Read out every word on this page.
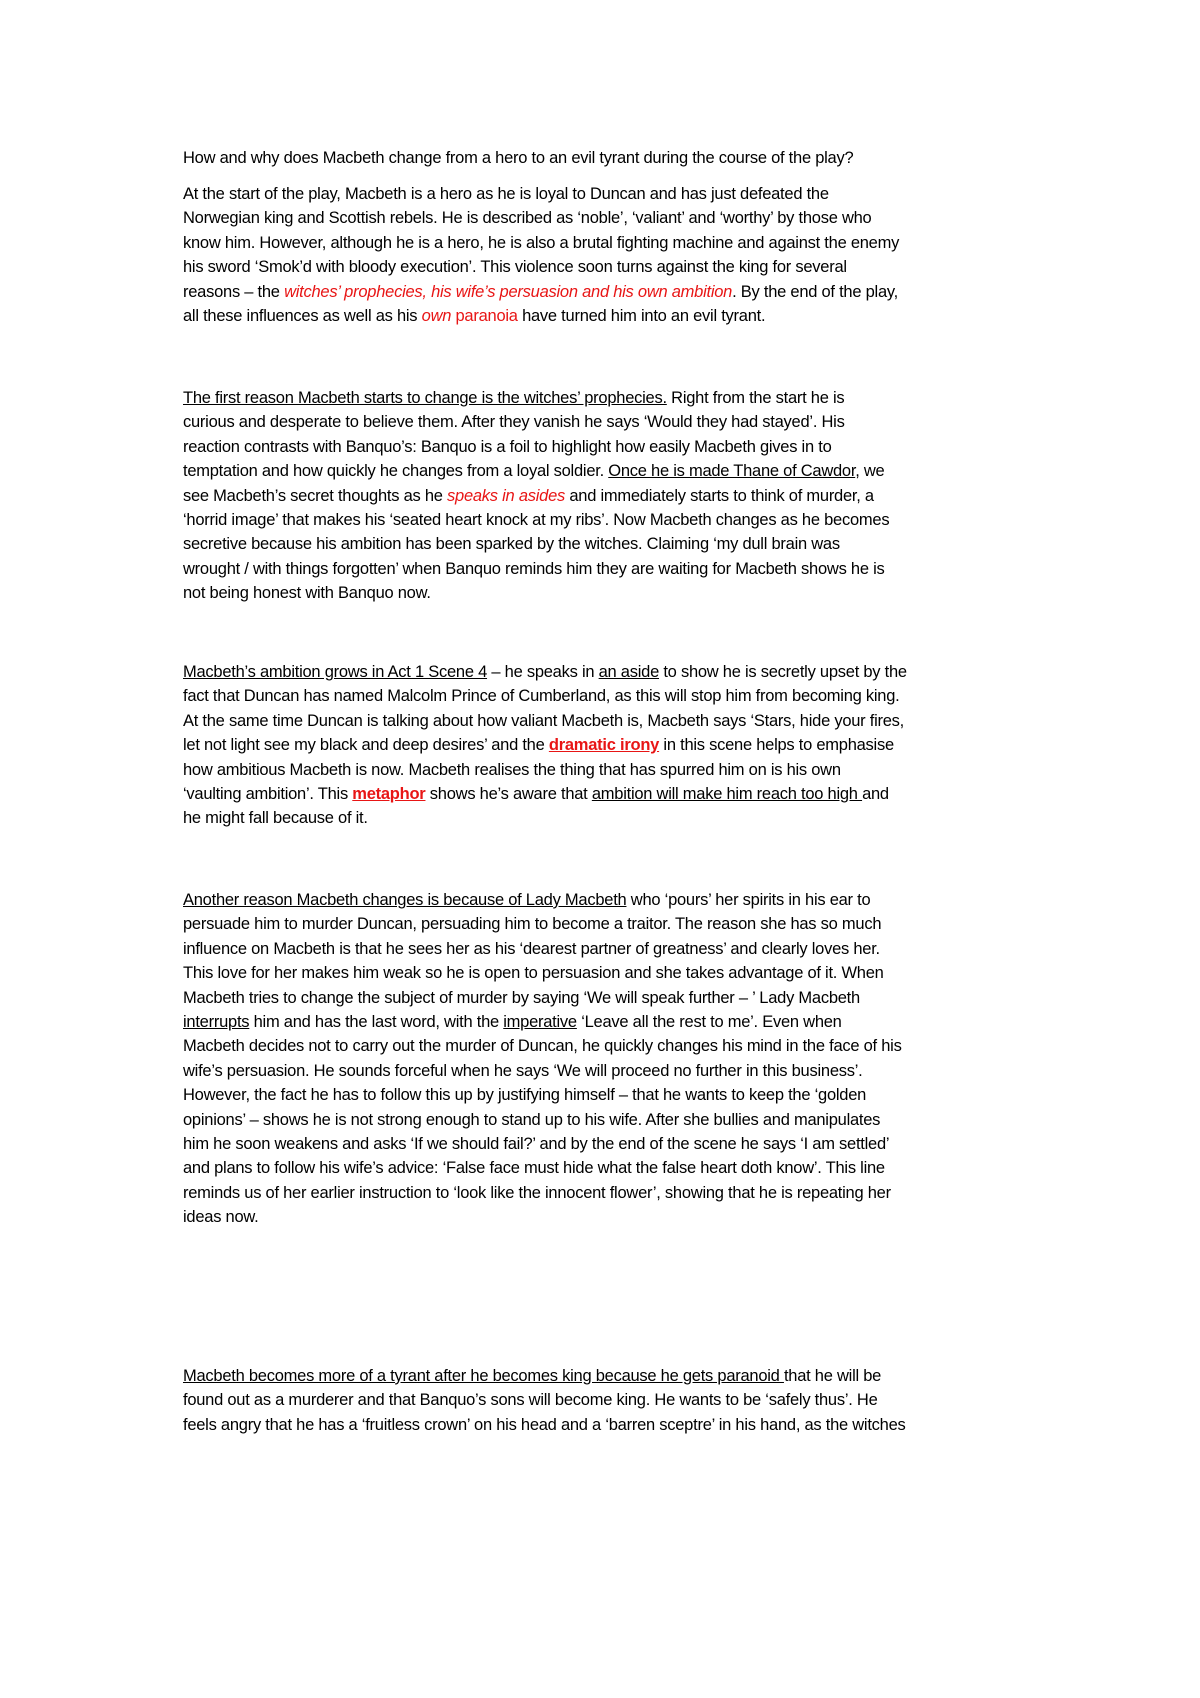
How and why does Macbeth change from a hero to an evil tyrant during the course of the play?

At the start of the play, Macbeth is a hero as he is loyal to Duncan and has just defeated the
Norwegian king and Scottish rebels. He is described as ‘noble’, ‘valiant’ and ‘worthy’ by those who
know him. However, although he is a hero, he is also a brutal fighting machine and against the enemy
his sword ‘Smok’d with bloody execution’. This violence soon turns against the king for several
reasons – the witches’ prophecies, his wife’s persuasion and his own ambition. By the end of the play,
all these influences as well as his own paranoia have turned him into an evil tyrant.
The first reason Macbeth starts to change is the witches’ prophecies. Right from the start he is
curious and desperate to believe them. After they vanish he says ‘Would they had stayed’. His
reaction contrasts with Banquo’s: Banquo is a foil to highlight how easily Macbeth gives in to
temptation and how quickly he changes from a loyal soldier. Once he is made Thane of Cawdor, we
see Macbeth’s secret thoughts as he speaks in asides and immediately starts to think of murder, a
‘horrid image’ that makes his ‘seated heart knock at my ribs’. Now Macbeth changes as he becomes
secretive because his ambition has been sparked by the witches. Claiming ‘my dull brain was
wrought / with things forgotten’ when Banquo reminds him they are waiting for Macbeth shows he is
not being honest with Banquo now.
Macbeth’s ambition grows in Act 1 Scene 4 – he speaks in an aside to show he is secretly upset by the
fact that Duncan has named Malcolm Prince of Cumberland, as this will stop him from becoming king.
At the same time Duncan is talking about how valiant Macbeth is, Macbeth says ‘Stars, hide your fires,
let not light see my black and deep desires’ and the dramatic irony in this scene helps to emphasise
how ambitious Macbeth is now. Macbeth realises the thing that has spurred him on is his own
‘vaulting ambition’. This metaphor shows he’s aware that ambition will make him reach too high and
he might fall because of it.
Another reason Macbeth changes is because of Lady Macbeth who ‘pours’ her spirits in his ear to
persuade him to murder Duncan, persuading him to become a traitor. The reason she has so much
influence on Macbeth is that he sees her as his ‘dearest partner of greatness’ and clearly loves her.
This love for her makes him weak so he is open to persuasion and she takes advantage of it. When
Macbeth tries to change the subject of murder by saying ‘We will speak further – ’ Lady Macbeth
interrupts him and has the last word, with the imperative ‘Leave all the rest to me’. Even when
Macbeth decides not to carry out the murder of Duncan, he quickly changes his mind in the face of his
wife’s persuasion. He sounds forceful when he says ‘We will proceed no further in this business’.
However, the fact he has to follow this up by justifying himself – that he wants to keep the ‘golden
opinions’ – shows he is not strong enough to stand up to his wife. After she bullies and manipulates
him he soon weakens and asks ‘If we should fail?’ and by the end of the scene he says ‘I am settled’
and plans to follow his wife’s advice: ‘False face must hide what the false heart doth know’. This line
reminds us of her earlier instruction to ‘look like the innocent flower’, showing that he is repeating her
ideas now.
Macbeth becomes more of a tyrant after he becomes king because he gets paranoid that he will be
found out as a murderer and that Banquo’s sons will become king. He wants to be ‘safely thus’. He
feels angry that he has a ‘fruitless crown’ on his head and a ‘barren sceptre’ in his hand, as the witches
